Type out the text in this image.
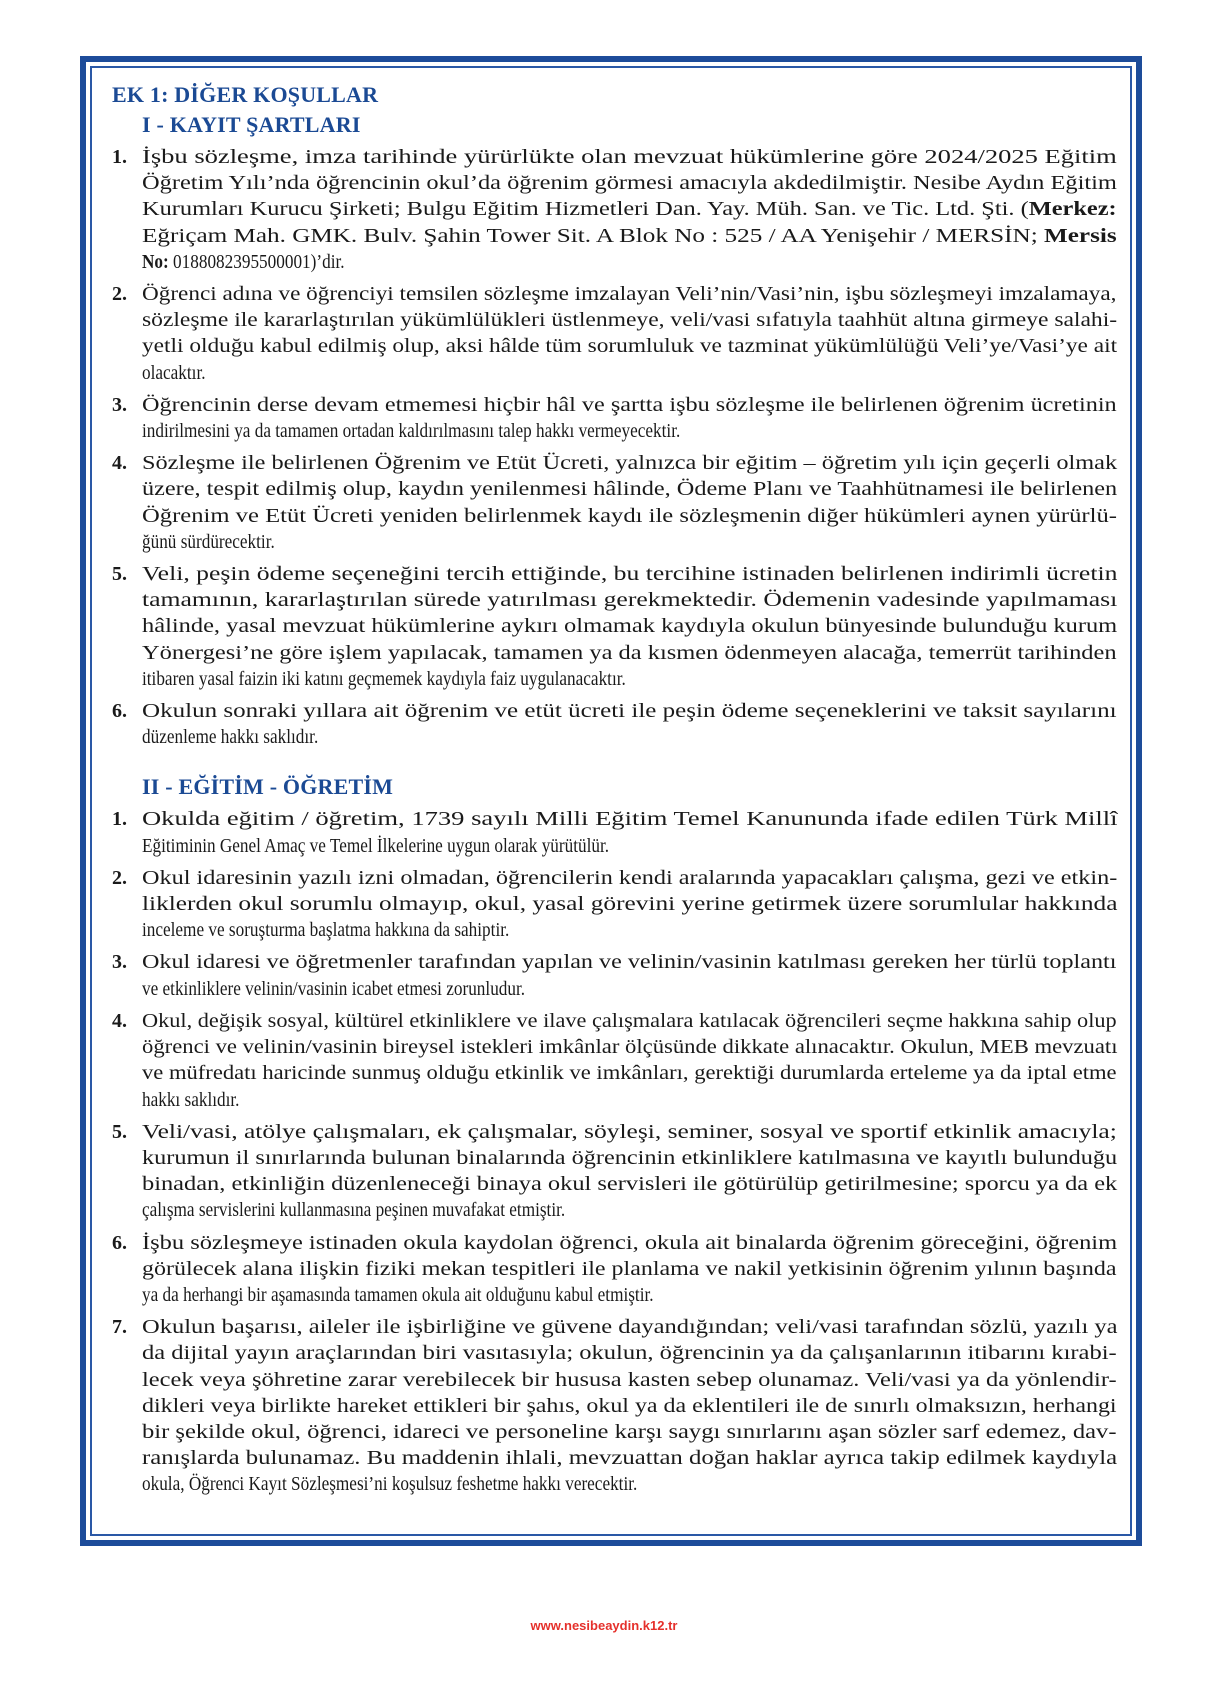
EK 1: DİĞER KOŞULLAR
I - KAYIT ŞARTLARI
1. İşbu sözleşme, imza tarihinde yürürlükte olan mevzuat hükümlerine göre 2024/2025 Eğitim
Öğretim Yılı’nda öğrencinin okul’da öğrenim görmesi amacıyla akdedilmiştir. Nesibe Aydın Eğitim
Kurumları Kurucu Şirketi; Bulgu Eğitim Hizmetleri Dan. Yay. Müh. San. ve Tic. Ltd. Şti. (Merkez:
Eğriçam Mah. GMK. Bulv. Şahin Tower Sit. A Blok No : 525 / AA Yenişehir / MERSİN; Mersis
No: 0188082395500001)’dir.
2. Öğrenci adına ve öğrenciyi temsilen sözleşme imzalayan Veli’nin/Vasi’nin, işbu sözleşmeyi imzalamaya,
sözleşme ile kararlaştırılan yükümlülükleri üstlenmeye, veli/vasi sıfatıyla taahhüt altına girmeye salahi-
yetli olduğu kabul edilmiş olup, aksi hâlde tüm sorumluluk ve tazminat yükümlülüğü Veli’ye/Vasi’ye ait
olacaktır.
3. Öğrencinin derse devam etmemesi hiçbir hâl ve şartta işbu sözleşme ile belirlenen öğrenim ücretinin
indirilmesini ya da tamamen ortadan kaldırılmasını talep hakkı vermeyecektir.
4. Sözleşme ile belirlenen Öğrenim ve Etüt Ücreti, yalnızca bir eğitim – öğretim yılı için geçerli olmak
üzere, tespit edilmiş olup, kaydın yenilenmesi hâlinde, Ödeme Planı ve Taahhütnamesi ile belirlenen
Öğrenim ve Etüt Ücreti yeniden belirlenmek kaydı ile sözleşmenin diğer hükümleri aynen yürürlü-
ğünü sürdürecektir.
5. Veli, peşin ödeme seçeneğini tercih ettiğinde, bu tercihine istinaden belirlenen indirimli ücretin
tamamının, kararlaştırılan sürede yatırılması gerekmektedir. Ödemenin vadesinde yapılmaması
hâlinde, yasal mevzuat hükümlerine aykırı olmamak kaydıyla okulun bünyesinde bulunduğu kurum
Yönergesi’ne göre işlem yapılacak, tamamen ya da kısmen ödenmeyen alacağa, temerrüt tarihinden
itibaren yasal faizin iki katını geçmemek kaydıyla faiz uygulanacaktır.
6. Okulun sonraki yıllara ait öğrenim ve etüt ücreti ile peşin ödeme seçeneklerini ve taksit sayılarını
düzenleme hakkı saklıdır.
II - EĞİTİM - ÖĞRETİM
1. Okulda eğitim / öğretim, 1739 sayılı Milli Eğitim Temel Kanununda ifade edilen Türk Millî
Eğitiminin Genel Amaç ve Temel İlkelerine uygun olarak yürütülür.
2. Okul idaresinin yazılı izni olmadan, öğrencilerin kendi aralarında yapacakları çalışma, gezi ve etkin-
liklerden okul sorumlu olmayıp, okul, yasal görevini yerine getirmek üzere sorumlular hakkında
inceleme ve soruşturma başlatma hakkına da sahiptir.
3. Okul idaresi ve öğretmenler tarafından yapılan ve velinin/vasinin katılması gereken her türlü toplantı
ve etkinliklere velinin/vasinin icabet etmesi zorunludur.
4. Okul, değişik sosyal, kültürel etkinliklere ve ilave çalışmalara katılacak öğrencileri seçme hakkına sahip olup
öğrenci ve velinin/vasinin bireysel istekleri imkânlar ölçüsünde dikkate alınacaktır. Okulun, MEB mevzuatı
ve müfredatı haricinde sunmuş olduğu etkinlik ve imkânları, gerektiği durumlarda erteleme ya da iptal etme
hakkı saklıdır.
5. Veli/vasi, atölye çalışmaları, ek çalışmalar, söyleşi, seminer, sosyal ve sportif etkinlik amacıyla;
kurumun il sınırlarında bulunan binalarında öğrencinin etkinliklere katılmasına ve kayıtlı bulunduğu
binadan, etkinliğin düzenleneceği binaya okul servisleri ile götürülüp getirilmesine; sporcu ya da ek
çalışma servislerini kullanmasına peşinen muvafakat etmiştir.
6. İşbu sözleşmeye istinaden okula kaydolan öğrenci, okula ait binalarda öğrenim göreceğini, öğrenim
görülecek alana ilişkin fiziki mekan tespitleri ile planlama ve nakil yetkisinin öğrenim yılının başında
ya da herhangi bir aşamasında tamamen okula ait olduğunu kabul etmiştir.
7. Okulun başarısı, aileler ile işbirliğine ve güvene dayandığından; veli/vasi tarafından sözlü, yazılı ya
da dijital yayın araçlarından biri vasıtasıyla; okulun, öğrencinin ya da çalışanlarının itibarını kırabi-
lecek veya şöhretine zarar verebilecek bir hususa kasten sebep olunamaz. Veli/vasi ya da yönlendir-
dikleri veya birlikte hareket ettikleri bir şahıs, okul ya da eklentileri ile de sınırlı olmaksızın, herhangi
bir şekilde okul, öğrenci, idareci ve personeline karşı saygı sınırlarını aşan sözler sarf edemez, dav-
ranışlarda bulunamaz. Bu maddenin ihlali, mevzuattan doğan haklar ayrıca takip edilmek kaydıyla
okula, Öğrenci Kayıt Sözleşmesi’ni koşulsuz feshetme hakkı verecektir.
www.nesibeaydin.k12.tr
